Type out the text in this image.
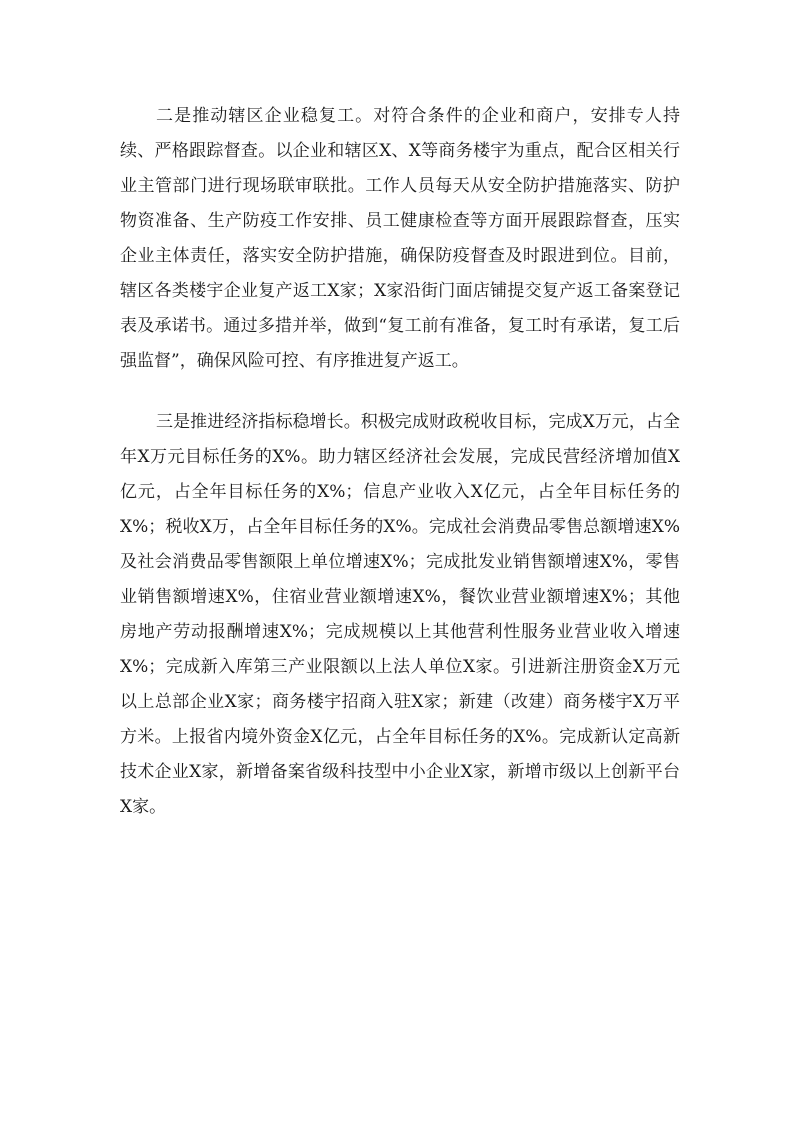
二是推动辖区企业稳复工。对符合条件的企业和商户，安排专人持续、严格跟踪督查。以企业和辖区X、X等商务楼宇为重点，配合区相关行业主管部门进行现场联审联批。工作人员每天从安全防护措施落实、防护物资准备、生产防疫工作安排、员工健康检查等方面开展跟踪督查，压实企业主体责任，落实安全防护措施，确保防疫督查及时跟进到位。目前，辖区各类楼宇企业复产返工X家；X家沿街门面店铺提交复产返工备案登记表及承诺书。通过多措并举，做到“复工前有准备，复工时有承诺，复工后强监督”，确保风险可控、有序推进复产返工。

三是推进经济指标稳增长。积极完成财政税收目标，完成X万元，占全年X万元目标任务的X%。助力辖区经济社会发展，完成民营经济增加值X亿元，占全年目标任务的X%；信息产业收入X亿元，占全年目标任务的X%；税收X万，占全年目标任务的X%。完成社会消费品零售总额增速X%及社会消费品零售额限上单位增速X%；完成批发业销售额增速X%，零售业销售额增速X%，住宿业营业额增速X%，餐饮业营业额增速X%；其他房地产劳动报酬增速X%；完成规模以上其他营利性服务业营业收入增速X%；完成新入库第三产业限额以上法人单位X家。引进新注册资金X万元以上总部企业X家；商务楼宇招商入驻X家；新建（改建）商务楼宇X万平方米。上报省内境外资金X亿元，占全年目标任务的X%。完成新认定高新技术企业X家，新增备案省级科技型中小企业X家，新增市级以上创新平台X家。
